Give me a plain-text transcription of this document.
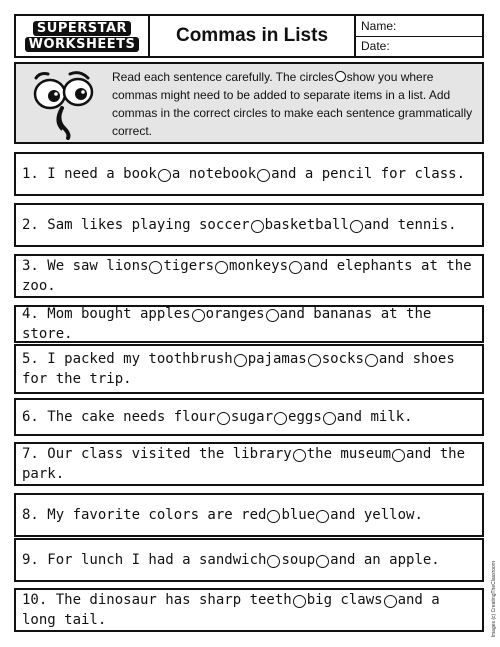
SUPERSTAR
WORKSHEETS	Commas in Lists	Name:
Date:
Read each sentence carefully. The circles show you where commas might need to be added to separate items in a list. Add commas in the correct circles to make each sentence grammatically correct.
1. I need a book a notebook and a pencil for class.
2. Sam likes playing soccer basketball and tennis.
3. We saw lions tigers monkeys and elephants at the zoo.
4. Mom bought apples oranges and bananas at the store.
5. I packed my toothbrush pajamas socks and shoes for the trip.
6. The cake needs flour sugar eggs and milk.
7. Our class visited the library the museum and the park.
8. My favorite colors are red blue and yellow.
9. For lunch I had a sandwich soup and an apple.
10. The dinosaur has sharp teeth big claws and a long tail.	Images (c) CreatingTheClassroom
